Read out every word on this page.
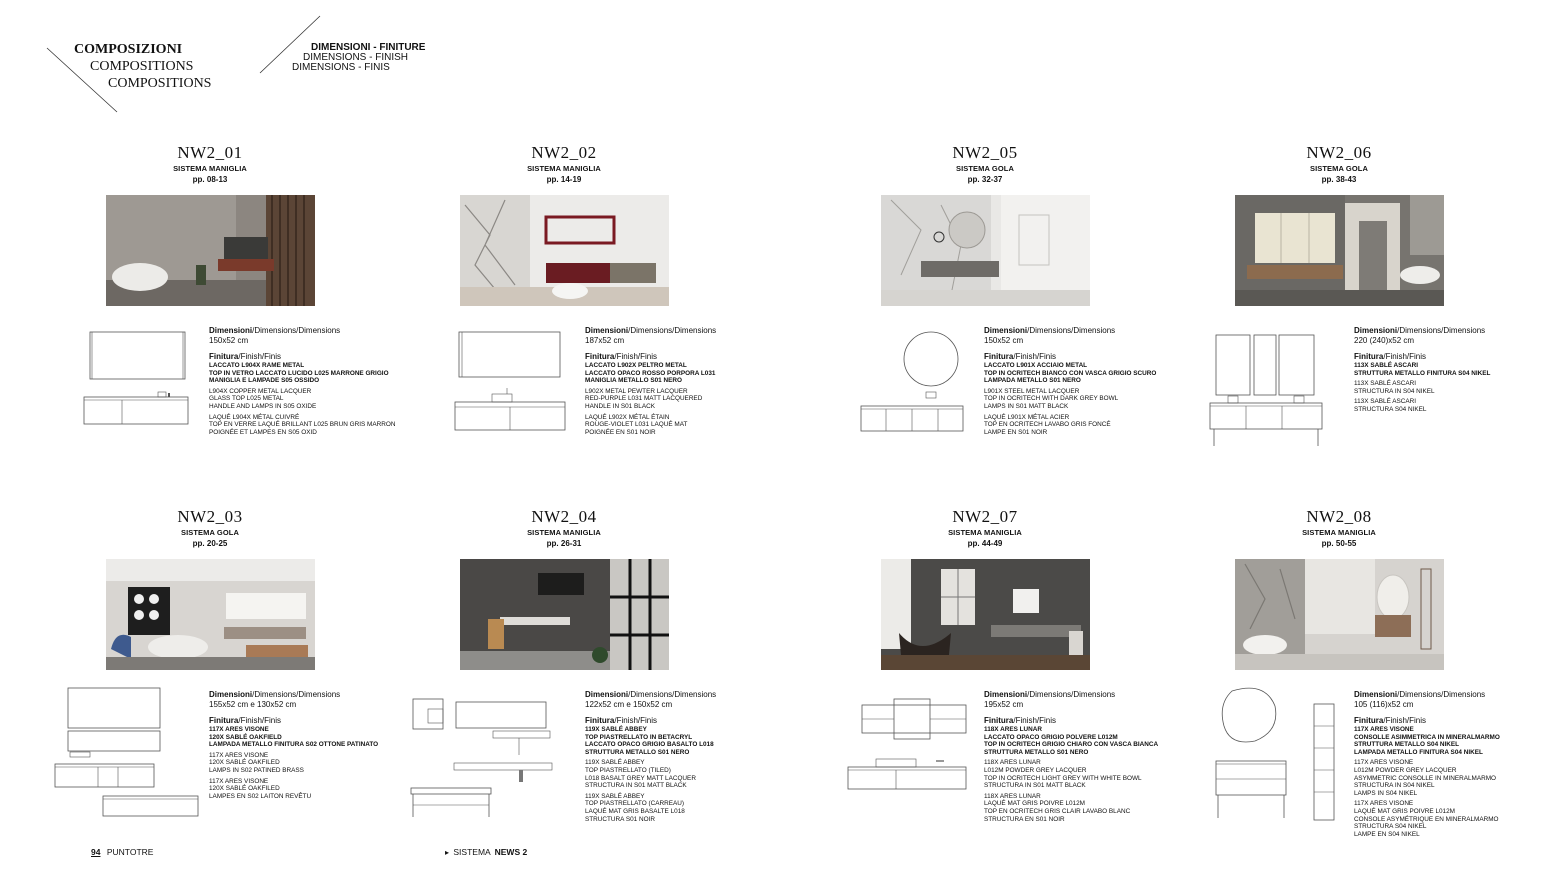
COMPOSIZIONI
COMPOSITIONS
COMPOSITIONS
DIMENSIONI - FINITURE
DIMENSIONS - FINISH
DIMENSIONS - FINIS
NW2_01
SISTEMA MANIGLIA
pp. 08-13
Dimensioni/Dimensions/Dimensions
150x52 cm
Finitura/Finish/Finis
LACCATO L904X RAME METAL
TOP IN VETRO LACCATO LUCIDO L025 MARRONE GRIGIO
MANIGLIA E LAMPADE S05 OSSIDO
L904X COPPER METAL LACQUER
GLASS TOP L025 METAL
HANDLE AND LAMPS IN S05 OXIDE
LAQUÉ L904X MÉTAL CUIVRÉ
TOP EN VERRE LAQUÉ BRILLANT L025 BRUN GRIS MARRON
POIGNÉE ET LAMPES EN S05 OXID
NW2_02
SISTEMA MANIGLIA
pp. 14-19
Dimensioni/Dimensions/Dimensions
187x52 cm
Finitura/Finish/Finis
LACCATO L902X PELTRO METAL
LACCATO OPACO ROSSO PORPORA L031
MANIGLIA METALLO S01 NERO
L902X METAL PEWTER LACQUER
RED-PURPLE L031 MATT LACQUERED
HANDLE IN S01 BLACK
LAQUÉ L902X MÉTAL ÉTAIN
ROUGE-VIOLET L031 LAQUÉ MAT
POIGNÉE EN S01 NOIR
NW2_05
SISTEMA GOLA
pp. 32-37
Dimensioni/Dimensions/Dimensions
150x52 cm
Finitura/Finish/Finis
LACCATO L901X ACCIAIO METAL
TOP IN OCRITECH BIANCO CON VASCA GRIGIO SCURO
LAMPADA METALLO S01 NERO
L901X STEEL METAL LACQUER
TOP IN OCRITECH WITH DARK GREY BOWL
LAMPS IN S01 MATT BLACK
LAQUÉ L901X MÉTAL ACIER
TOP EN OCRITECH LAVABO GRIS FONCÉ
LAMPE EN S01 NOIR
NW2_06
SISTEMA GOLA
pp. 38-43
Dimensioni/Dimensions/Dimensions
220 (240)x52 cm
Finitura/Finish/Finis
113X SABLÉ ASCARI
STRUTTURA METALLO FINITURA S04 NIKEL
113X SABLÉ ASCARI
STRUCTURA IN S04 NIKEL
113X SABLÉ ASCARI
STRUCTURA S04 NIKEL
NW2_03
SISTEMA GOLA
pp. 20-25
Dimensioni/Dimensions/Dimensions
155x52 cm e 130x52 cm
Finitura/Finish/Finis
117X ARES VISONE
120X SABLÉ OAKFIELD
LAMPADA METALLO FINITURA S02 OTTONE PATINATO
117X ARES VISONE
120X SABLÉ OAKFILED
LAMPS IN S02 PATINED BRASS
117X ARES VISONE
120X SABLÉ OAKFILED
LAMPES EN S02 LAITON REVÊTU
NW2_04
SISTEMA MANIGLIA
pp. 26-31
Dimensioni/Dimensions/Dimensions
122x52 cm e 150x52 cm
Finitura/Finish/Finis
119X SABLÉ ABBEY
TOP PIASTRELLATO IN BETACRYL
LACCATO OPACO GRIGIO BASALTO L018
STRUTTURA METALLO S01 NERO
119X SABLÉ ABBEY
TOP PIASTRELLATO (TILED)
L018 BASALT GREY MATT LACQUER
STRUCTURA IN S01 MATT BLACK
119X SABLÉ ABBEY
TOP PIASTRELLATO (CARREAU)
LAQUÉ MAT GRIS BASALTE L018
STRUCTURA S01 NOIR
NW2_07
SISTEMA MANIGLIA
pp. 44-49
Dimensioni/Dimensions/Dimensions
195x52 cm
Finitura/Finish/Finis
118X ARES LUNAR
LACCATO OPACO GRIGIO POLVERE L012M
TOP IN OCRITECH GRIGIO CHIARO CON VASCA BIANCA
STRUTTURA METALLO S01 NERO
118X ARES LUNAR
L012M POWDER GREY LACQUER
TOP IN OCRITECH LIGHT GREY WITH WHITE BOWL
STRUCTURA IN S01 MATT BLACK
118X ARES LUNAR
LAQUÉ MAT GRIS POIVRE L012M
TOP EN OCRITECH GRIS CLAIR LAVABO BLANC
STRUCTURA EN S01 NOIR
NW2_08
SISTEMA MANIGLIA
pp. 50-55
Dimensioni/Dimensions/Dimensions
105 (116)x52 cm
Finitura/Finish/Finis
117X ARES VISONE
CONSOLLE ASIMMETRICA IN MINERALMARMO
STRUTTURA METALLO S04 NIKEL
LAMPADA METALLO FINITURA S04 NIKEL
117X ARES VISONE
L012M POWDER GREY LACQUER
ASYMMETRIC CONSOLLE IN MINERALMARMO
STRUCTURA IN S04 NIKEL
LAMPS IN S04 NIKEL
117X ARES VISONE
LAQUÉ MAT GRIS POIVRE L012M
CONSOLE ASYMÉTRIQUE EN MINERALMARMO
STRUCTURA S04 NIKEL
LAMPE EN S04 NIKEL
94 PUNTOTRE	▸ SISTEMA NEWS 2
